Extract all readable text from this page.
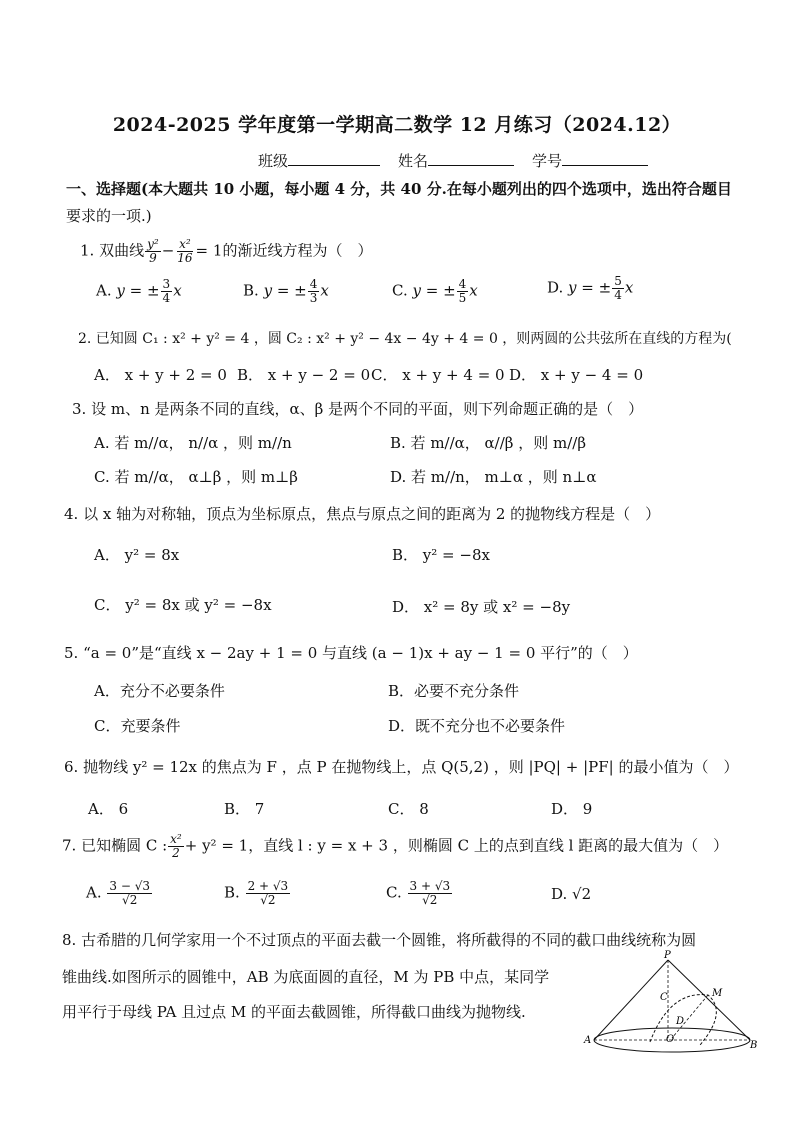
2024-2025 学年度第一学期高二数学 12 月练习（2024.12）
班级	姓名	学号
一、选择题(本大题共 10 小题，每小题 4 分，共 40 分.在每小题列出的四个选项中，选出符合题目
要求的一项.)
1. 双曲线 $\frac{\text{y²}}{9} - \frac{\text{x²}}{16} = 1$的渐近线方程为（　）
A. y = ± $\frac{3}{4}$ x	B. y = ± $\frac{4}{3}$ x	C. y = ± $\frac{4}{5}$ x	D. y = ± $\frac{5}{4}$ x
2. 已知圆 C₁ : x² + y² = 4 ，圆 C₂ : x² + y² − 4x − 4y + 4 = 0 ，则两圆的公共弦所在直线的方程为(
A． x + y + 2 = 0 B． x + y − 2 = 0 C． x + y + 4 = 0 D． x + y − 4 = 0
3. 设 m、n 是两条不同的直线，α、β 是两个不同的平面，则下列命题正确的是（　）
A. 若 m//α， n//α ，则 m//n	B. 若 m//α， α//β ，则 m//β
C. 若 m//α， α⊥β ，则 m⊥β	D. 若 m//n， m⊥α ，则 n⊥α
4. 以 x 轴为对称轴，顶点为坐标原点，焦点与原点之间的距离为 2 的抛物线方程是（　）
A． y² = 8x	B． y² = −8x
C． y² = 8x 或 y² = −8x	D． x² = 8y 或 x² = −8y
5. “a = 0”是“直线 x − 2ay + 1 = 0 与直线 (a − 1)x + ay − 1 = 0 平行”的（　）
A．充分不必要条件	B．必要不充分条件
C．充要条件	D．既不充分也不必要条件
6. 抛物线 y² = 12x 的焦点为 F ，点 P 在抛物线上，点 Q(5,2) ，则 |PQ| + |PF| 的最小值为（　）
A． 6	B． 7	C． 8	D． 9
7. 已知椭圆 C : $\frac{\text{x²}}{2} + y^2 = 1$，直线 l : y = x + 3 ，则椭圆 C 上的点到直线 l 距离的最大值为（　）
A. $\frac{3 - √3}{√2}$	B. $\frac{2 + √3}{√2}$	C. $\frac{3 + √3}{√2}$	D. √2
8. 古希腊的几何学家用一个不过顶点的平面去截一个圆锥，将所截得的不同的截口曲线统称为圆
锥曲线.如图所示的圆锥中，AB 为底面圆的直径，M 为 PB 中点，某同学
用平行于母线 PA 且过点 M 的平面去截圆锥，所得截口曲线为抛物线.
P
A	B
M
O
C
D
